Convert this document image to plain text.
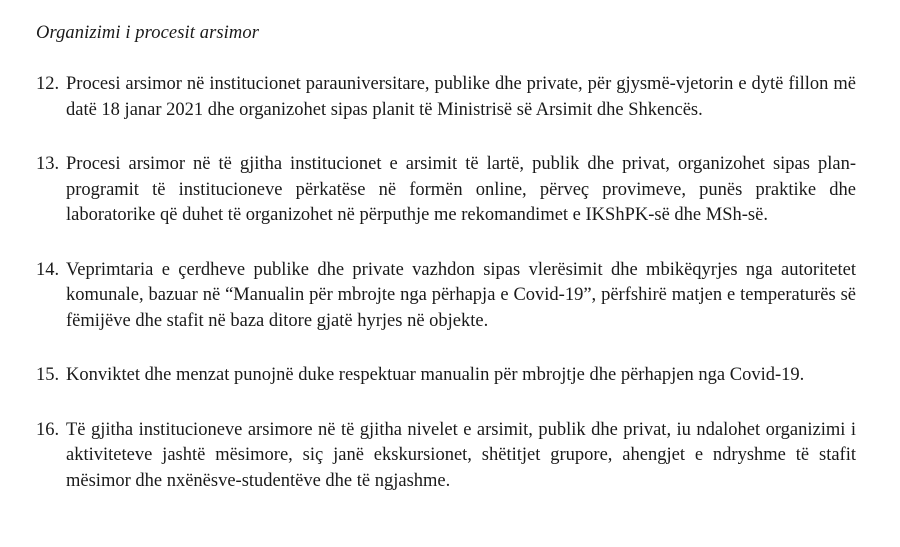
Organizimi i procesit arsimor
12. Procesi arsimor në institucionet parauniversitare, publike dhe private, për gjysmë-vjetorin e dytë fillon më datë 18 janar 2021 dhe organizohet sipas planit të Ministrisë së Arsimit dhe Shkencës.
13. Procesi arsimor në të gjitha institucionet e arsimit të lartë, publik dhe privat, organizohet sipas plan-programit të institucioneve përkatëse në formën online, përveç provimeve, punës praktike dhe laboratorike që duhet të organizohet në përputhje me rekomandimet e IKShPK-së dhe MSh-së.
14. Veprimtaria e çerdheve publike dhe private vazhdon sipas vlerësimit dhe mbikëqyrjes nga autoritetet komunale, bazuar në “Manualin për mbrojte nga përhapja e Covid-19”, përfshirë matjen e temperaturës së fëmijëve dhe stafit në baza ditore gjatë hyrjes në objekte.
15. Konviktet dhe menzat punojnë duke respektuar manualin për mbrojtje dhe përhapjen nga Covid-19.
16. Të gjitha institucioneve arsimore në të gjitha nivelet e arsimit, publik dhe privat, iu ndalohet organizimi i aktiviteteve jashtë mësimore, siç janë ekskursionet, shëtitjet grupore, ahengjet e ndryshme të stafit mësimor dhe nxënësve-studentëve dhe të ngjashme.
